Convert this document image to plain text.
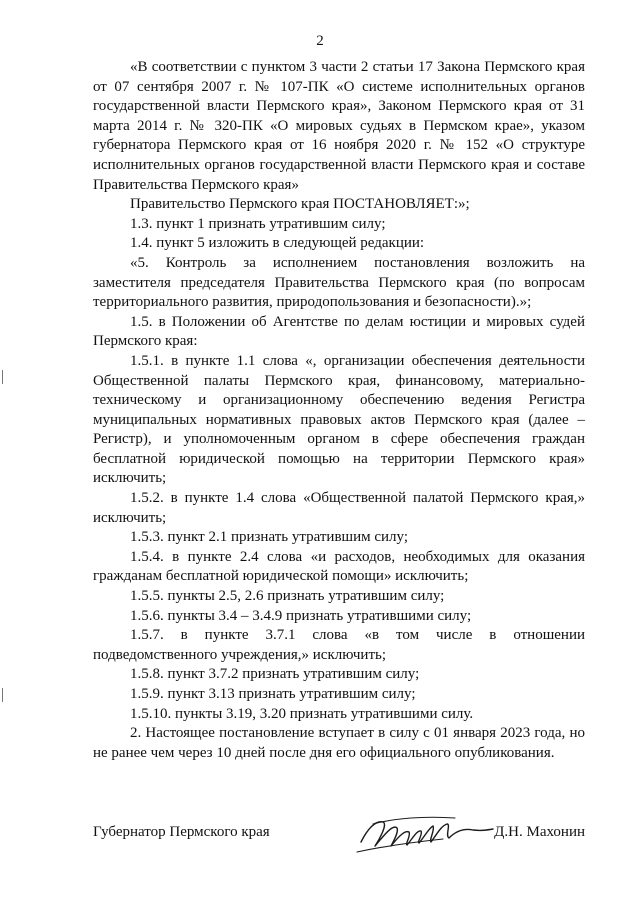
2

«В соответствии с пунктом 3 части 2 статьи 17 Закона Пермского края от 07 сентября 2007 г. № 107-ПК «О системе исполнительных органов государственной власти Пермского края», Законом Пермского края от 31 марта 2014 г. № 320-ПК «О мировых судьях в Пермском крае», указом губернатора Пермского края от 16 ноября 2020 г. № 152 «О структуре исполнительных органов государственной власти Пермского края и составе Правительства Пермского края»

Правительство Пермского края ПОСТАНОВЛЯЕТ:»;

1.3. пункт 1 признать утратившим силу;

1.4. пункт 5 изложить в следующей редакции:

«5. Контроль за исполнением постановления возложить на заместителя председателя Правительства Пермского края (по вопросам территориального развития, природопользования и безопасности).»;

1.5. в Положении об Агентстве по делам юстиции и мировых судей Пермского края:

1.5.1. в пункте 1.1 слова «, организации обеспечения деятельности Общественной палаты Пермского края, финансовому, материально-техническому и организационному обеспечению ведения Регистра муниципальных нормативных правовых актов Пермского края (далее – Регистр), и уполномоченным органом в сфере обеспечения граждан бесплатной юридической помощью на территории Пермского края» исключить;

1.5.2. в пункте 1.4 слова «Общественной палатой Пермского края,» исключить;

1.5.3. пункт 2.1 признать утратившим силу;

1.5.4. в пункте 2.4 слова «и расходов, необходимых для оказания гражданам бесплатной юридической помощи» исключить;

1.5.5. пункты 2.5, 2.6 признать утратившим силу;

1.5.6. пункты 3.4 – 3.4.9 признать утратившими силу;

1.5.7. в пункте 3.7.1 слова «в том числе в отношении подведомственного учреждения,» исключить;

1.5.8. пункт 3.7.2 признать утратившим силу;

1.5.9. пункт 3.13 признать утратившим силу;

1.5.10. пункты 3.19, 3.20 признать утратившими силу.

2. Настоящее постановление вступает в силу с 01 января 2023 года, но не ранее чем через 10 дней после дня его официального опубликования.

Губернатор Пермского края	Д.Н. Махонин
